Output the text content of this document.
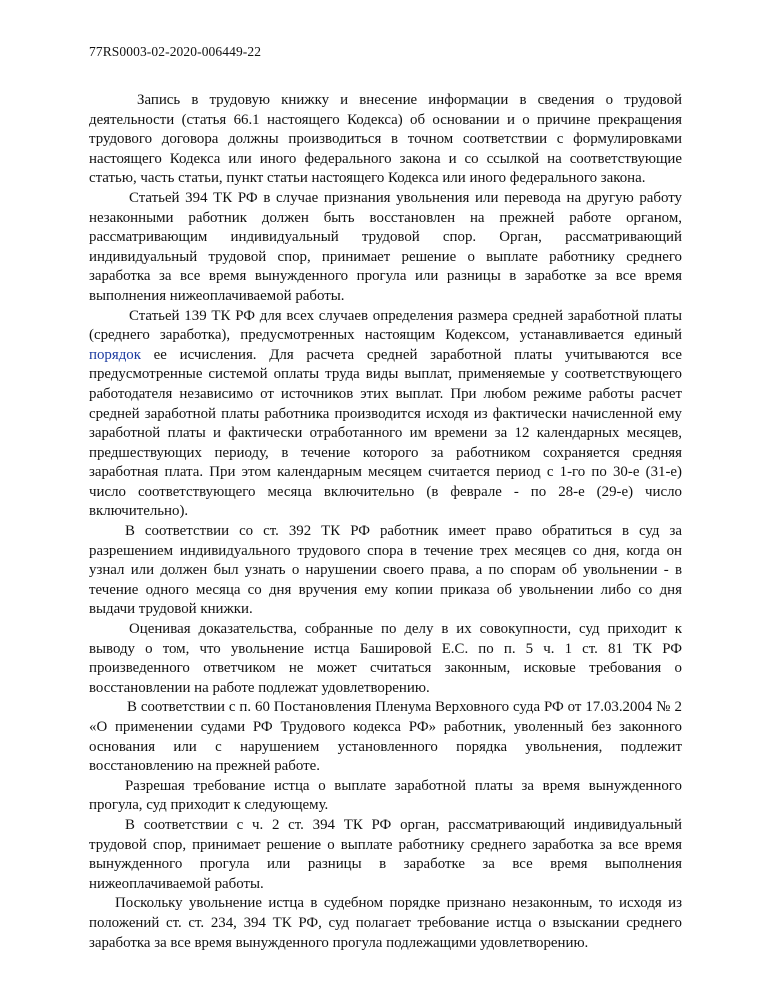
77RS0003-02-2020-006449-22

Запись в трудовую книжку и внесение информации в сведения о трудовой деятельности (статья 66.1 настоящего Кодекса) об основании и о причине прекращения трудового договора должны производиться в точном соответствии с формулировками настоящего Кодекса или иного федерального закона и со ссылкой на соответствующие статью, часть статьи, пункт статьи настоящего Кодекса или иного федерального закона.

Статьей 394 ТК РФ в случае признания увольнения или перевода на другую работу незаконными работник должен быть восстановлен на прежней работе органом, рассматривающим индивидуальный трудовой спор. Орган, рассматривающий индивидуальный трудовой спор, принимает решение о выплате работнику среднего заработка за все время вынужденного прогула или разницы в заработке за все время выполнения нижеоплачиваемой работы.

Статьей 139 ТК РФ для всех случаев определения размера средней заработной платы (среднего заработка), предусмотренных настоящим Кодексом, устанавливается единый порядок ее исчисления. Для расчета средней заработной платы учитываются все предусмотренные системой оплаты труда виды выплат, применяемые у соответствующего работодателя независимо от источников этих выплат. При любом режиме работы расчет средней заработной платы работника производится исходя из фактически начисленной ему заработной платы и фактически отработанного им времени за 12 календарных месяцев, предшествующих периоду, в течение которого за работником сохраняется средняя заработная плата. При этом календарным месяцем считается период с 1-го по 30-е (31-е) число соответствующего месяца включительно (в феврале - по 28-е (29-е) число включительно).

В соответствии со ст. 392 ТК РФ работник имеет право обратиться в суд за разрешением индивидуального трудового спора в течение трех месяцев со дня, когда он узнал или должен был узнать о нарушении своего права, а по спорам об увольнении - в течение одного месяца со дня вручения ему копии приказа об увольнении либо со дня выдачи трудовой книжки.

Оценивая доказательства, собранные по делу в их совокупности, суд приходит к выводу о том, что увольнение истца Башировой Е.С. по п. 5 ч. 1 ст. 81 ТК РФ произведенного ответчиком не может считаться законным, исковые требования о восстановлении на работе подлежат удовлетворению.

В соответствии с п. 60 Постановления Пленума Верховного суда РФ от 17.03.2004 № 2 «О применении судами РФ Трудового кодекса РФ» работник, уволенный без законного основания или с нарушением установленного порядка увольнения, подлежит восстановлению на прежней работе.

Разрешая требование истца о выплате заработной платы за время вынужденного прогула, суд приходит к следующему.

В соответствии с ч. 2 ст. 394 ТК РФ орган, рассматривающий индивидуальный трудовой спор, принимает решение о выплате работнику среднего заработка за все время вынужденного прогула или разницы в заработке за все время выполнения нижеоплачиваемой работы.

Поскольку увольнение истца в судебном порядке признано незаконным, то исходя из положений ст. ст. 234, 394 ТК РФ, суд полагает требование истца о взыскании среднего заработка за все время вынужденного прогула подлежащими удовлетворению.
